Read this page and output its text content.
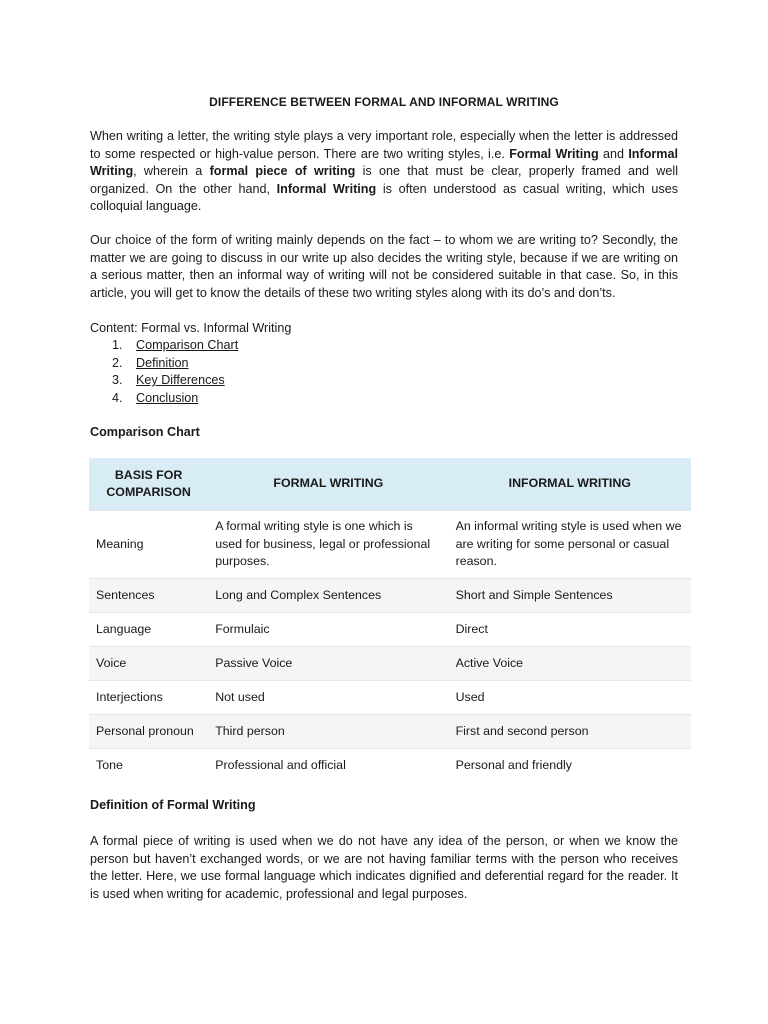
DIFFERENCE BETWEEN FORMAL AND INFORMAL WRITING

When writing a letter, the writing style plays a very important role, especially when the letter is addressed to some respected or high-value person. There are two writing styles, i.e. Formal Writing and Informal Writing, wherein a formal piece of writing is one that must be clear, properly framed and well organized. On the other hand, Informal Writing is often understood as casual writing, which uses colloquial language.

Our choice of the form of writing mainly depends on the fact – to whom we are writing to? Secondly, the matter we are going to discuss in our write up also decides the writing style, because if we are writing on a serious matter, then an informal way of writing will not be considered suitable in that case. So, in this article, you will get to know the details of these two writing styles along with its do’s and don’ts.

Content: Formal vs. Informal Writing
1.	Comparison Chart
2.	Definition
3.	Key Differences
4.	Conclusion
Comparison Chart
BASIS FOR COMPARISON	FORMAL WRITING	INFORMAL WRITING
Meaning	A formal writing style is one which is used for business, legal or professional purposes.	An informal writing style is used when we are writing for some personal or casual reason.
Sentences	Long and Complex Sentences	Short and Simple Sentences
Language	Formulaic	Direct
Voice	Passive Voice	Active Voice
Interjections	Not used	Used
Personal pronoun	Third person	First and second person
Tone	Professional and official	Personal and friendly
Definition of Formal Writing

A formal piece of writing is used when we do not have any idea of the person, or when we know the person but haven’t exchanged words, or we are not having familiar terms with the person who receives the letter. Here, we use formal language which indicates dignified and deferential regard for the reader. It is used when writing for academic, professional and legal purposes.
